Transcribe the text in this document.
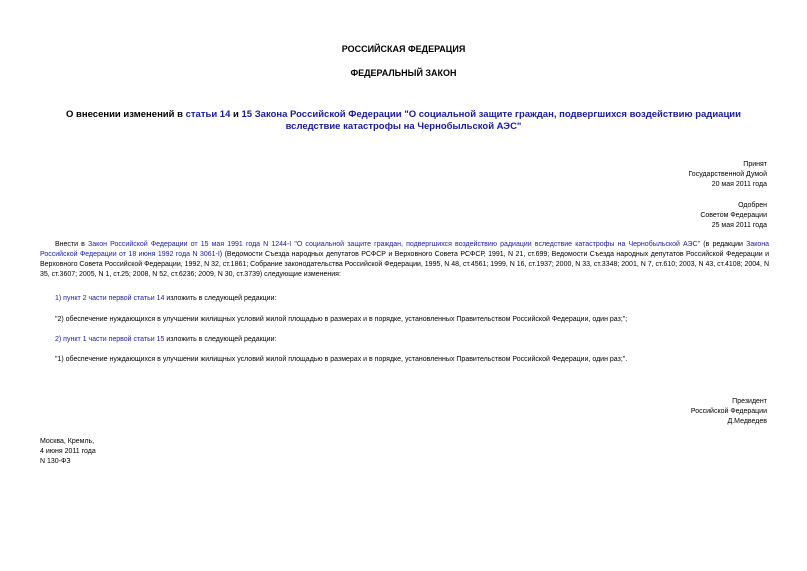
РОССИЙСКАЯ ФЕДЕРАЦИЯ
ФЕДЕРАЛЬНЫЙ ЗАКОН
О внесении изменений в статьи 14 и 15 Закона Российской Федерации "О социальной защите граждан, подвергшихся воздействию радиации вследствие катастрофы на Чернобыльской АЭС"
Принят
Государственной Думой
20 мая 2011 года
Одобрен
Советом Федерации
25 мая 2011 года
Внести в Закон Российской Федерации от 15 мая 1991 года N 1244-I "О социальной защите граждан, подвергшихся воздействию радиации вследствие катастрофы на Чернобыльской АЭС" (в редакции Закона Российской Федерации от 18 июня 1992 года N 3061-I) (Ведомости Съезда народных депутатов РСФСР и Верховного Совета РСФСР, 1991, N 21, ст.699; Ведомости Съезда народных депутатов Российской Федерации и Верховного Совета Российской Федерации, 1992, N 32, ст.1861; Собрание законодательства Российской Федерации, 1995, N 48, ст.4561; 1999, N 16, ст.1937; 2000, N 33, ст.3348; 2001, N 7, ст.610; 2003, N 43, ст.4108; 2004, N 35, ст.3607; 2005, N 1, ст.25; 2008, N 52, ст.6236; 2009, N 30, ст.3739) следующие изменения:
1) пункт 2 части первой статьи 14 изложить в следующей редакции:
"2) обеспечение нуждающихся в улучшении жилищных условий жилой площадью в размерах и в порядке, установленных Правительством Российской Федерации, один раз;";
2) пункт 1 части первой статьи 15 изложить в следующей редакции:
"1) обеспечение нуждающихся в улучшении жилищных условий жилой площадью в размерах и в порядке, установленных Правительством Российской Федерации, один раз;".
Президент
Российской Федерации
Д.Медведев
Москва, Кремль,
4 июня 2011 года
N 130-ФЗ
